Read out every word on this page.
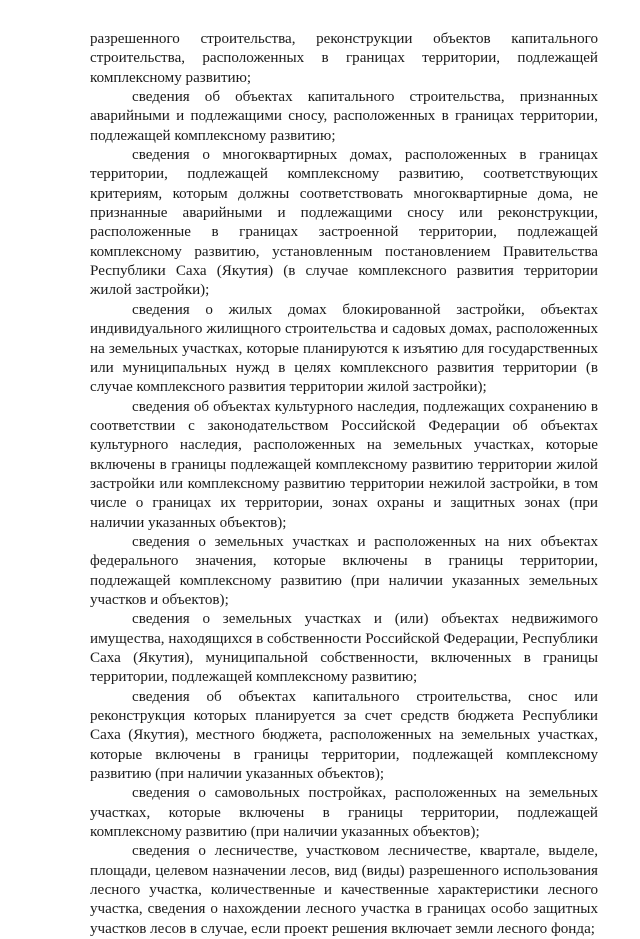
разрешенного строительства, реконструкции объектов капитального строительства, расположенных в границах территории, подлежащей комплексному развитию;

сведения об объектах капитального строительства, признанных аварийными и подлежащими сносу, расположенных в границах территории, подлежащей комплексному развитию;

сведения о многоквартирных домах, расположенных в границах территории, подлежащей комплексному развитию, соответствующих критериям, которым должны соответствовать многоквартирные дома, не признанные аварийными и подлежащими сносу или реконструкции, расположенные в границах застроенной территории, подлежащей комплексному развитию, установленным постановлением Правительства Республики Саха (Якутия) (в случае комплексного развития территории жилой застройки);

сведения о жилых домах блокированной застройки, объектах индивидуального жилищного строительства и садовых домах, расположенных на земельных участках, которые планируются к изъятию для государственных или муниципальных нужд в целях комплексного развития территории (в случае комплексного развития территории жилой застройки);

сведения об объектах культурного наследия, подлежащих сохранению в соответствии с законодательством Российской Федерации об объектах культурного наследия, расположенных на земельных участках, которые включены в границы подлежащей комплексному развитию территории жилой застройки или комплексному развитию территории нежилой застройки, в том числе о границах их территории, зонах охраны и защитных зонах (при наличии указанных объектов);

сведения о земельных участках и расположенных на них объектах федерального значения, которые включены в границы территории, подлежащей комплексному развитию (при наличии указанных земельных участков и объектов);

сведения о земельных участках и (или) объектах недвижимого имущества, находящихся в собственности Российской Федерации, Республики Саха (Якутия), муниципальной собственности, включенных в границы территории, подлежащей комплексному развитию;

сведения об объектах капитального строительства, снос или реконструкция которых планируется за счет средств бюджета Республики Саха (Якутия), местного бюджета, расположенных на земельных участках, которые включены в границы территории, подлежащей комплексному развитию (при наличии указанных объектов);

сведения о самовольных постройках, расположенных на земельных участках, которые включены в границы территории, подлежащей комплексному развитию (при наличии указанных объектов);

сведения о лесничестве, участковом лесничестве, квартале, выделе, площади, целевом назначении лесов, вид (виды) разрешенного использования лесного участка, количественные и качественные характеристики лесного участка, сведения о нахождении лесного участка в границах особо защитных участков лесов в случае, если проект решения включает земли лесного фонда;
